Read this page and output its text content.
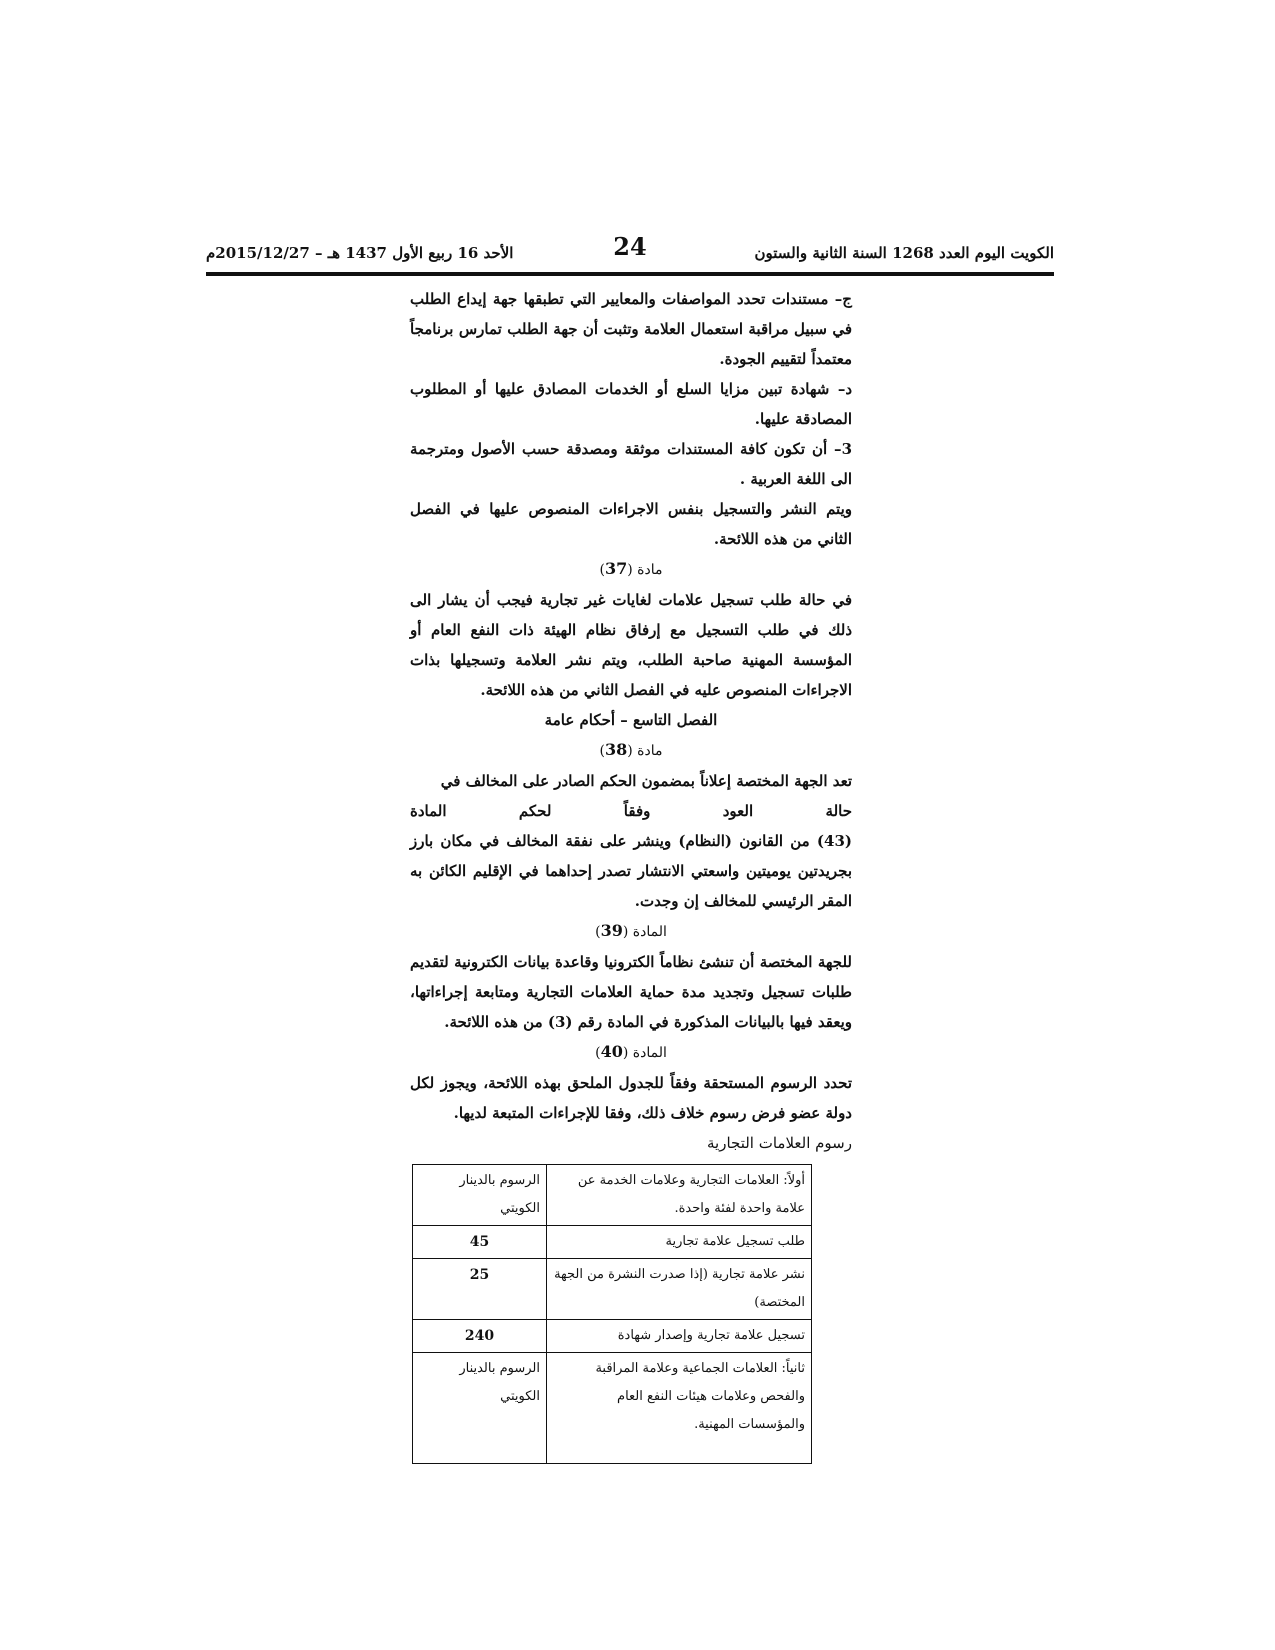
الكويت اليوم العدد 1268 السنة الثانية والستون
24
الأحد 16 ربيع الأول 1437 هـ – 2015/12/27م

ج– مستندات تحدد المواصفات والمعايير التي تطبقها جهة إيداع الطلب في سبيل مراقبة استعمال العلامة وتثبت أن جهة الطلب تمارس برنامجاً معتمداً لتقييم الجودة.

د– شهادة تبين مزايا السلع أو الخدمات المصادق عليها أو المطلوب المصادقة عليها.

3– أن تكون كافة المستندات موثقة ومصدقة حسب الأصول ومترجمة الى اللغة العربية .

ويتم النشر والتسجيل بنفس الاجراءات المنصوص عليها في الفصل الثاني من هذه اللائحة.

مادة (37)

في حالة طلب تسجيل علامات لغايات غير تجارية فيجب أن يشار الى ذلك في طلب التسجيل مع إرفاق نظام الهيئة ذات النفع العام أو المؤسسة المهنية صاحبة الطلب، ويتم نشر العلامة وتسجيلها بذات الاجراءات المنصوص عليه في الفصل الثاني من هذه اللائحة.

الفصل التاسع – أحكام عامة

مادة (38)

تعد الجهة المختصة إعلاناً بمضمون الحكم الصادر على المخالف في

حالة العود وفقاً لحكم المادة

(43) من القانون (النظام) وينشر على نفقة المخالف في مكان بارز بجريدتين يوميتين واسعتي الانتشار تصدر إحداهما في الإقليم الكائن به المقر الرئيسي للمخالف إن وجدت.

المادة (39)

للجهة المختصة أن تنشئ نظاماً الكترونيا وقاعدة بيانات الكترونية لتقديم طلبات تسجيل وتجديد مدة حماية العلامات التجارية ومتابعة إجراءاتها، ويعقد فيها بالبيانات المذكورة في المادة رقم (3) من هذه اللائحة.

المادة (40)

تحدد الرسوم المستحقة وفقاً للجدول الملحق بهذه اللائحة، ويجوز لكل دولة عضو فرض رسوم خلاف ذلك، وفقا للإجراءات المتبعة لديها.

رسوم العلامات التجارية

أولاً: العلامات التجارية وعلامات الخدمة عن علامة واحدة لفئة واحدة.	الرسوم بالدينار الكويتي
طلب تسجيل علامة تجارية	45
نشر علامة تجارية (إذا صدرت النشرة من الجهة المختصة)	25
تسجيل علامة تجارية وإصدار شهادة	240
ثانياً: العلامات الجماعية وعلامة المراقبة والفحص وعلامات هيئات النفع العام والمؤسسات المهنية.	الرسوم بالدينار الكويتي
